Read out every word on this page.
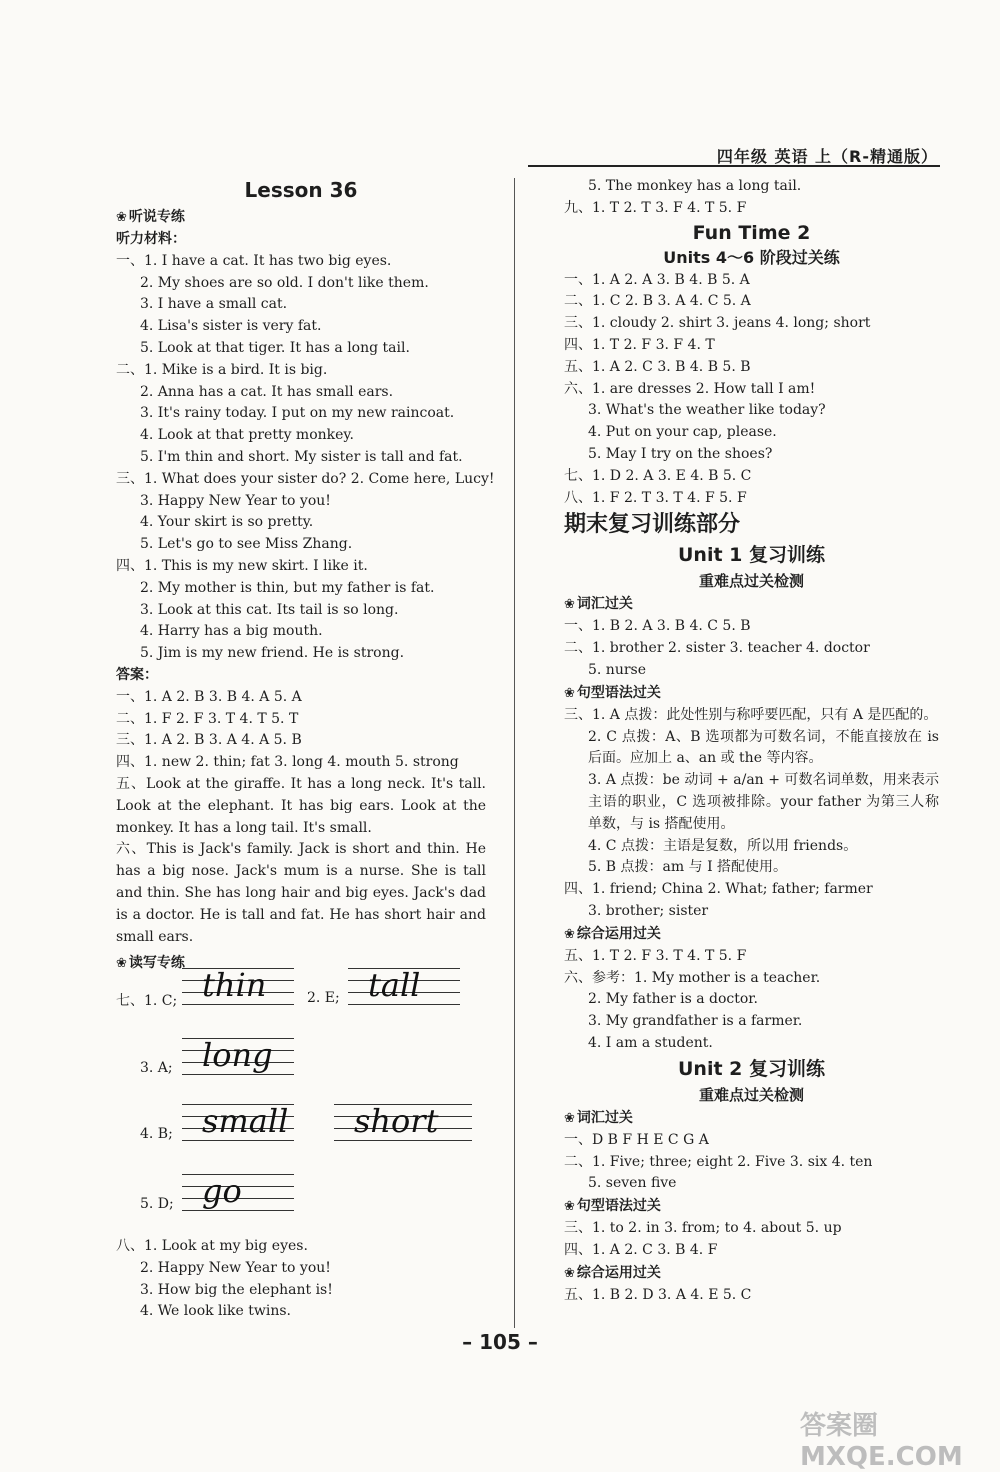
四年级 英语 上（R-精通版）
Lesson 36
❀ 听说专练
听力材料：
一、1. I have a cat. It has two big eyes.
2. My shoes are so old. I don't like them.
3. I have a small cat.
4. Lisa's sister is very fat.
5. Look at that tiger. It has a long tail.
二、1. Mike is a bird. It is big.
2. Anna has a cat. It has small ears.
3. It's rainy today. I put on my new raincoat.
4. Look at that pretty monkey.
5. I'm thin and short. My sister is tall and fat.
三、1. What does your sister do? 2. Come here, Lucy!
3. Happy New Year to you!
4. Your skirt is so pretty.
5. Let's go to see Miss Zhang.
四、1. This is my new skirt. I like it.
2. My mother is thin, but my father is fat.
3. Look at this cat. Its tail is so long.
4. Harry has a big mouth.
5. Jim is my new friend. He is strong.
答案：
一、1. A 2. B 3. B 4. A 5. A
二、1. F 2. F 3. T 4. T 5. T
三、1. A 2. B 3. A 4. A 5. B
四、1. new 2. thin; fat 3. long 4. mouth 5. strong
五、Look at the giraffe. It has a long neck. It's tall. Look at the elephant. It has big ears. Look at the monkey. It has a long tail. It's small.
六、This is Jack's family. Jack is short and thin. He has a big nose. Jack's mum is a nurse. She is tall and thin. She has long hair and big eyes. Jack's dad is a doctor. He is tall and fat. He has short hair and small ears.
❀ 读写专练
七、1. C; thin	2. E; tall
3. A; long
4. B; small short
5. D; go
八、1. Look at my big eyes.
2. Happy New Year to you!
3. How big the elephant is!
4. We look like twins.
5. The monkey has a long tail.
九、1. T 2. T 3. F 4. T 5. F
Fun Time 2
Units 4～6 阶段过关练
一、1. A 2. A 3. B 4. B 5. A
二、1. C 2. B 3. A 4. C 5. A
三、1. cloudy 2. shirt 3. jeans 4. long; short
四、1. T 2. F 3. F 4. T
五、1. A 2. C 3. B 4. B 5. B
六、1. are dresses 2. How tall I am!
3. What's the weather like today?
4. Put on your cap, please.
5. May I try on the shoes?
七、1. D 2. A 3. E 4. B 5. C
八、1. F 2. T 3. T 4. F 5. F
期末复习训练部分
Unit 1 复习训练
重难点过关检测
❀ 词汇过关
一、1. B 2. A 3. B 4. C 5. B
二、1. brother 2. sister 3. teacher 4. doctor
5. nurse
❀ 句型语法过关
三、1. A 点拨：此处性别与称呼要匹配，只有 A 是匹配的。
2. C 点拨：A、B 选项都为可数名词，不能直接放在 is 后面。应加上 a、an 或 the 等内容。
3. A 点拨：be 动词 + a/an + 可数名词单数，用来表示主语的职业，C 选项被排除。your father 为第三人称单数，与 is 搭配使用。
4. C 点拨：主语是复数，所以用 friends。
5. B 点拨：am 与 I 搭配使用。
四、1. friend; China 2. What; father; farmer
3. brother; sister
❀ 综合运用过关
五、1. T 2. F 3. T 4. T 5. F
六、参考：1. My mother is a teacher.
2. My father is a doctor.
3. My grandfather is a farmer.
4. I am a student.
Unit 2 复习训练
重难点过关检测
❀ 词汇过关
一、D B F H E C G A
二、1. Five; three; eight 2. Five 3. six 4. ten
5. seven five
❀ 句型语法过关
三、1. to 2. in 3. from; to 4. about 5. up
四、1. A 2. C 3. B 4. F
❀ 综合运用过关
五、1. B 2. D 3. A 4. E 5. C
– 105 –
答案圈 MXQE.COM
